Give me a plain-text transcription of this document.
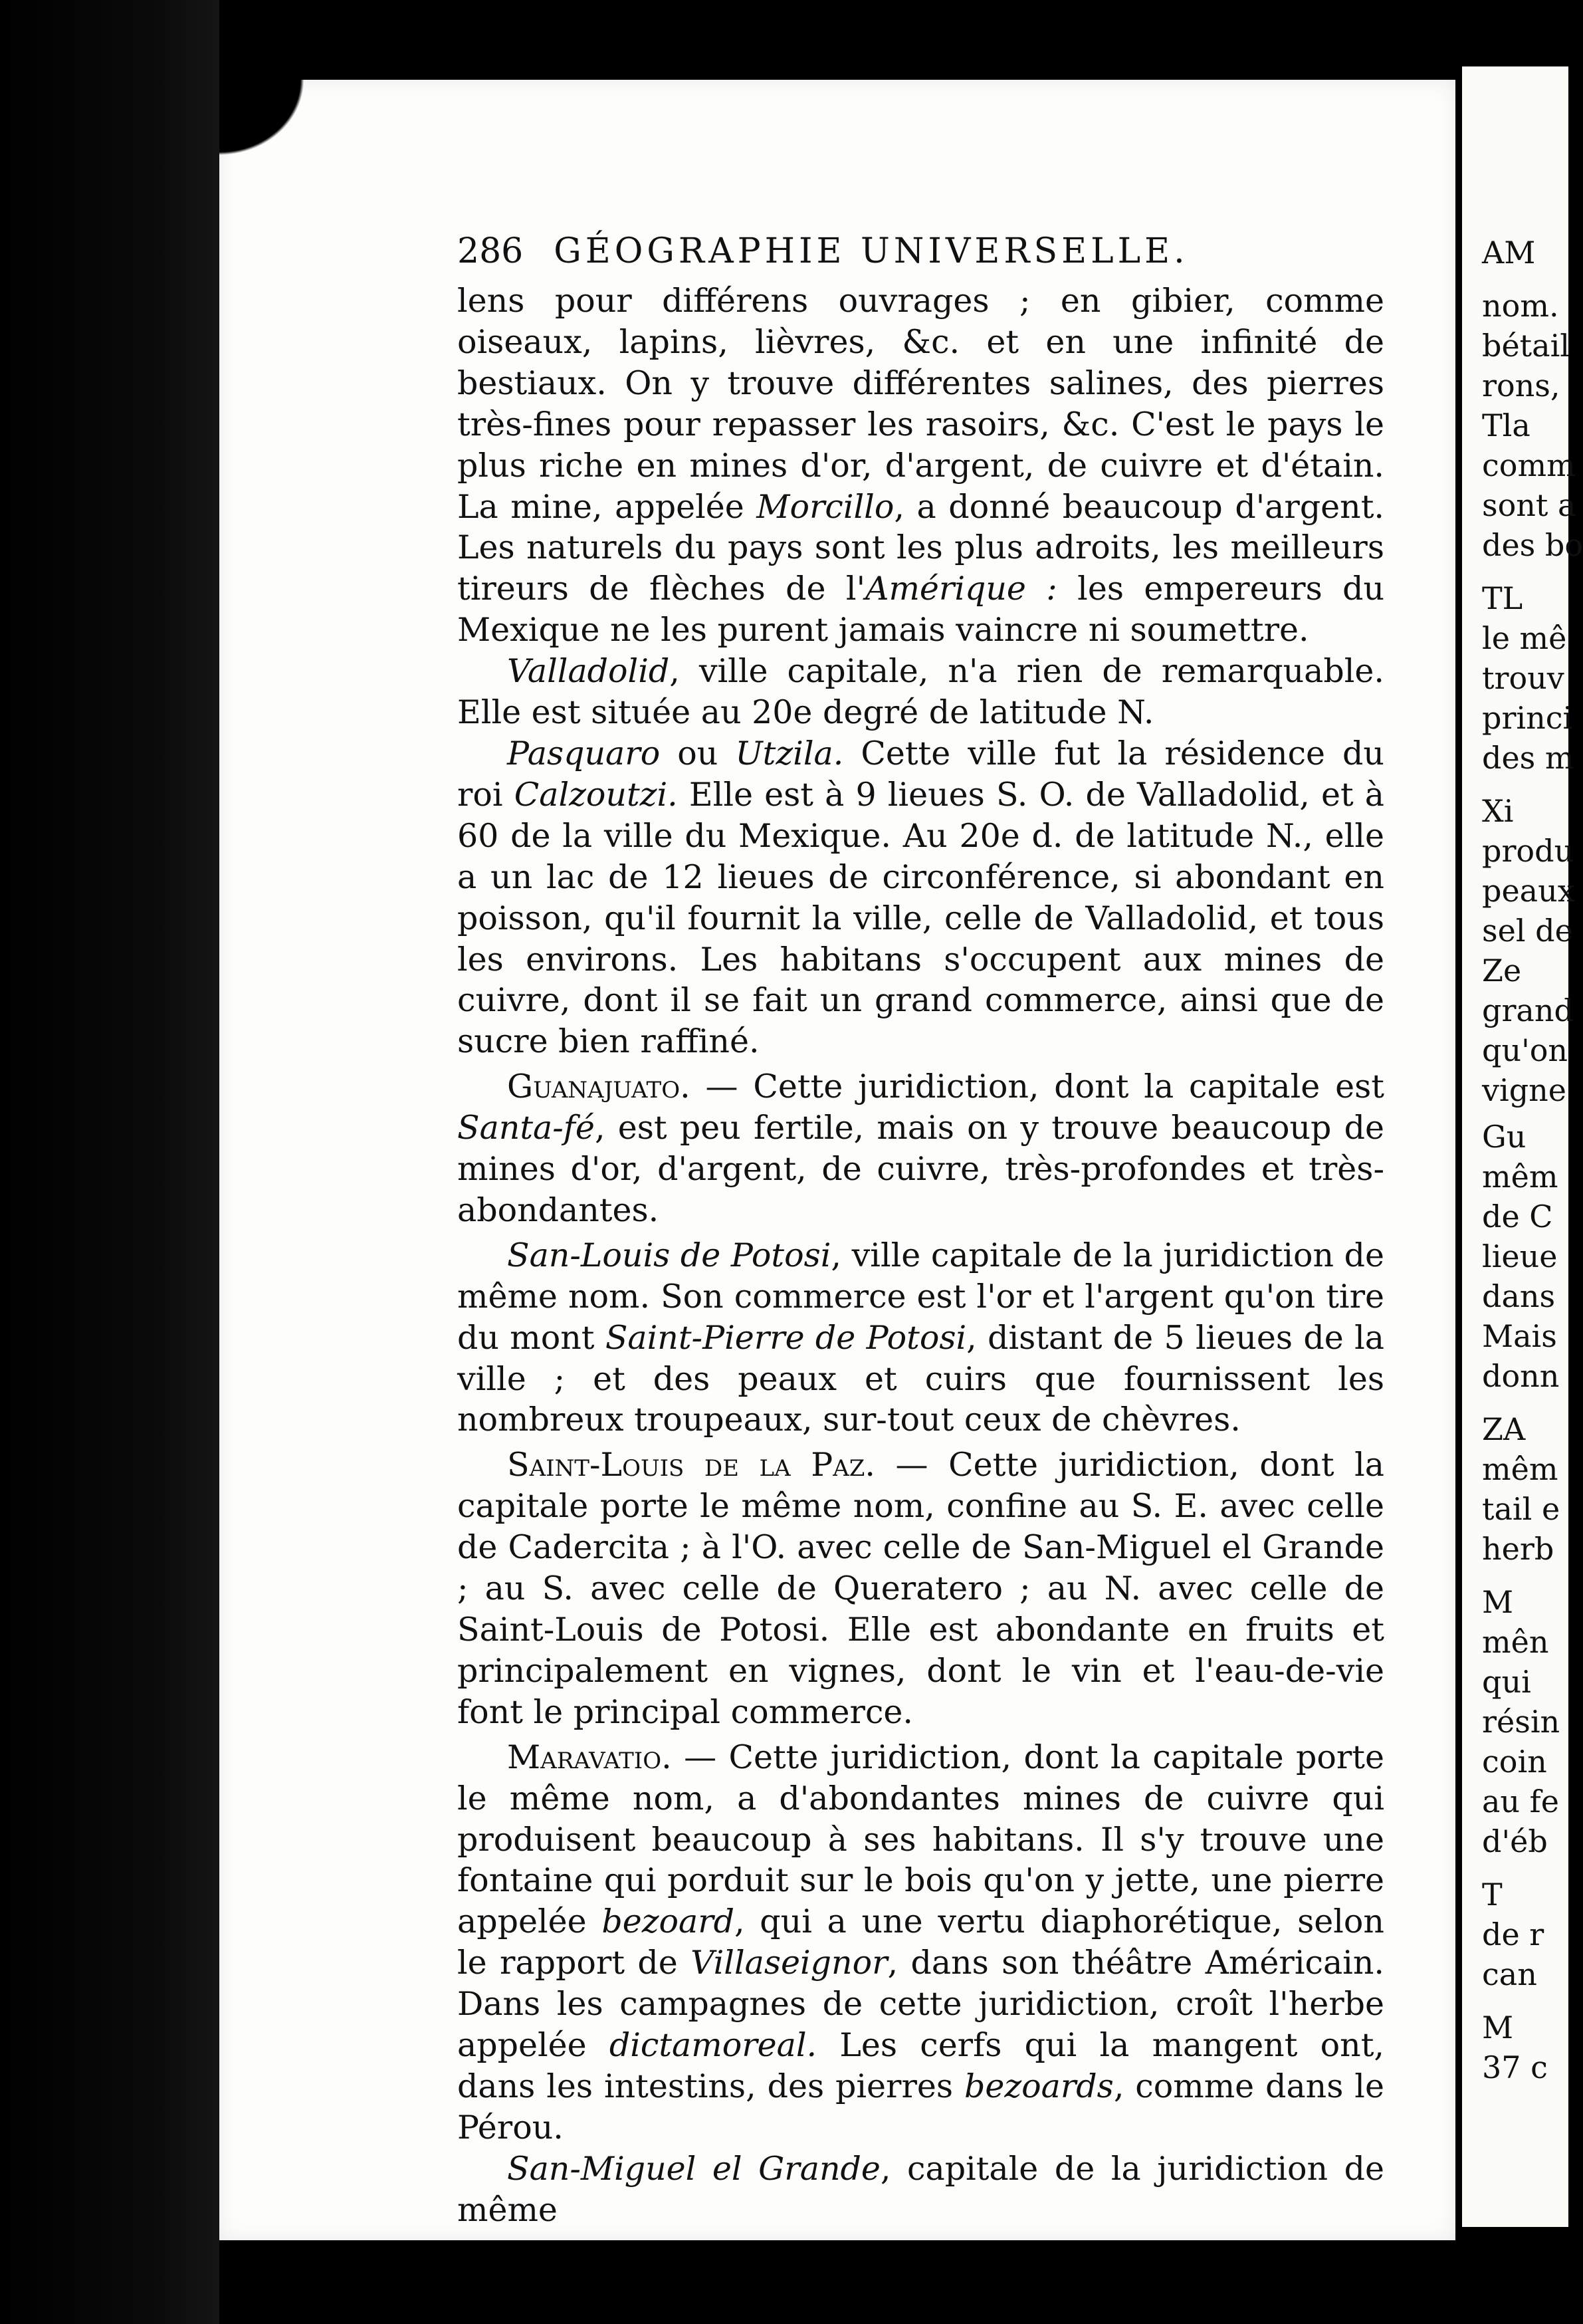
AM
nom.
bétail
rons,
Tla
comm
sont a
des bo
TL
le mê
trouv
princi
des m
Xi
produ
peaux
sel de
Ze
grand
qu'on
vigne
Gu
mêm
de C
lieue
dans
Mais
donn
ZA
mêm
tail e
herb
M
mên
qui
résin
coin
au fe
d'éb
T
de r
can
M
37 c
286 GÉOGRAPHIE UNIVERSELLE.

lens pour différens ouvrages ; en gibier, comme oiseaux, lapins, lièvres, &c. et en une infinité de bestiaux. On y trouve différentes salines, des pierres très-fines pour repasser les rasoirs, &c. C'est le pays le plus riche en mines d'or, d'argent, de cuivre et d'étain. La mine, appelée Morcillo, a donné beaucoup d'argent. Les naturels du pays sont les plus adroits, les meilleurs tireurs de flèches de l'Amérique : les empereurs du Mexique ne les purent jamais vaincre ni soumettre.

Valladolid, ville capitale, n'a rien de remarquable. Elle est située au 20e degré de latitude N.

Pasquaro ou Utzila. Cette ville fut la résidence du roi Calzoutzi. Elle est à 9 lieues S. O. de Valladolid, et à 60 de la ville du Mexique. Au 20e d. de latitude N., elle a un lac de 12 lieues de circonférence, si abondant en poisson, qu'il fournit la ville, celle de Valladolid, et tous les environs. Les habitans s'occupent aux mines de cuivre, dont il se fait un grand commerce, ainsi que de sucre bien raffiné.

Guanajuato. — Cette juridiction, dont la capitale est Santa-fé, est peu fertile, mais on y trouve beaucoup de mines d'or, d'argent, de cuivre, très-profondes et très-abondantes.

San-Louis de Potosi, ville capitale de la juridiction de même nom. Son commerce est l'or et l'argent qu'on tire du mont Saint-Pierre de Potosi, distant de 5 lieues de la ville ; et des peaux et cuirs que fournissent les nombreux troupeaux, sur-tout ceux de chèvres.

Saint-Louis de la Paz. — Cette juridiction, dont la capitale porte le même nom, confine au S. E. avec celle de Cadercita ; à l'O. avec celle de San-Miguel el Grande ; au S. avec celle de Queratero ; au N. avec celle de Saint-Louis de Potosi. Elle est abondante en fruits et principalement en vignes, dont le vin et l'eau-de-vie font le principal commerce.

Maravatio. — Cette juridiction, dont la capitale porte le même nom, a d'abondantes mines de cuivre qui produisent beaucoup à ses habitans. Il s'y trouve une fontaine qui porduit sur le bois qu'on y jette, une pierre appelée bezoard, qui a une vertu diaphorétique, selon le rapport de Villaseignor, dans son théâtre Américain. Dans les campagnes de cette juridiction, croît l'herbe appelée dictamoreal. Les cerfs qui la mangent ont, dans les intestins, des pierres bezoards, comme dans le Pérou.

San-Miguel el Grande, capitale de la juridiction de même
